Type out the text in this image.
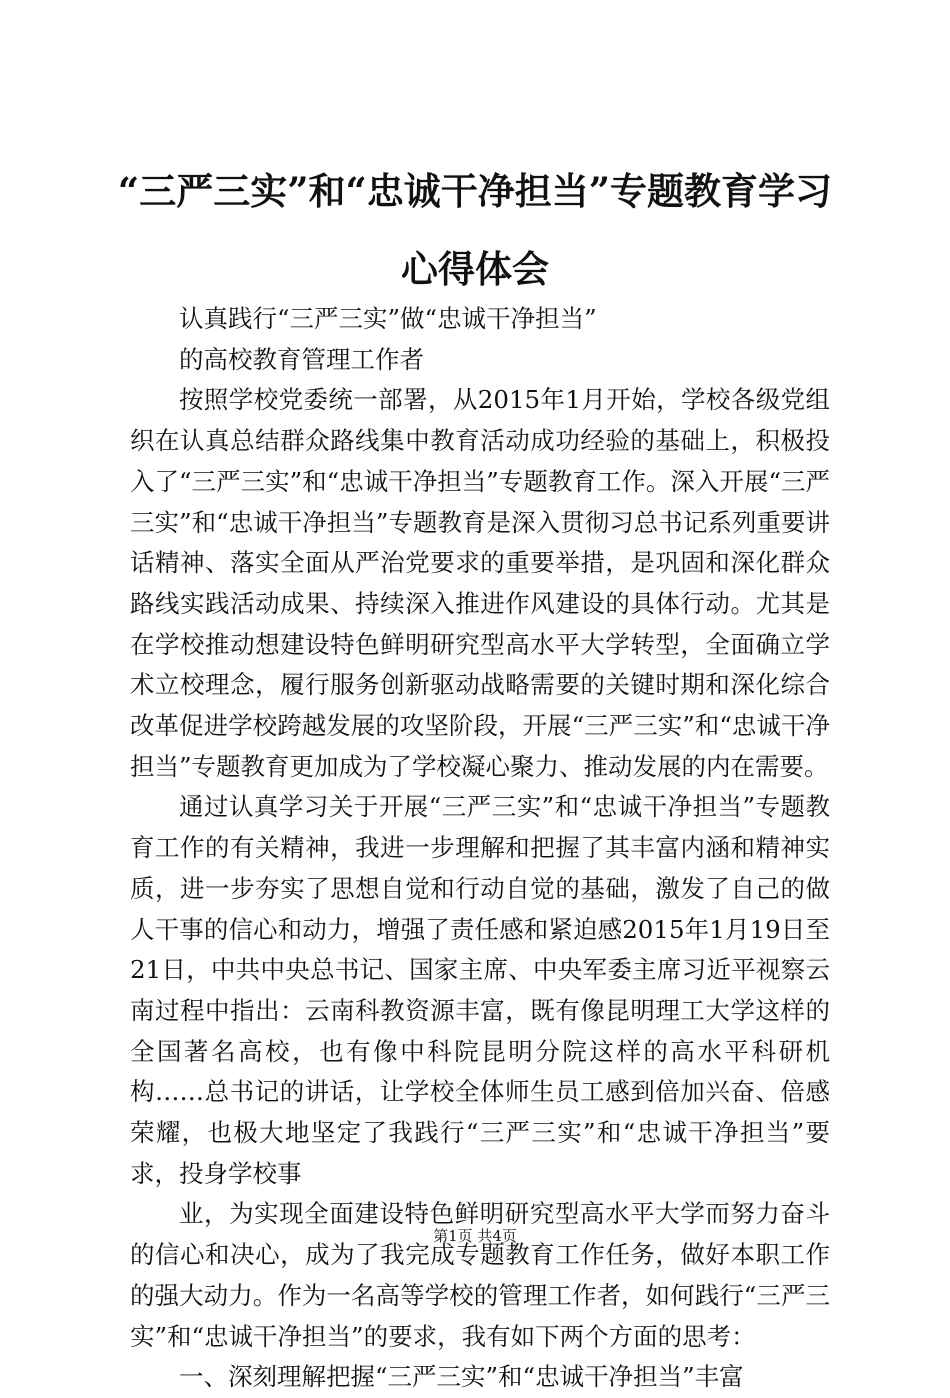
“三严三实”和“忠诚干净担当”专题教育学习心得体会

认真践行“三严三实”做“忠诚干净担当”

的高校教育管理工作者

按照学校党委统一部署，从2015年1月开始，学校各级党组织在认真总结群众路线集中教育活动成功经验的基础上，积极投入了“三严三实”和“忠诚干净担当”专题教育工作。深入开展“三严三实”和“忠诚干净担当”专题教育是深入贯彻习总书记系列重要讲话精神、落实全面从严治党要求的重要举措，是巩固和深化群众路线实践活动成果、持续深入推进作风建设的具体行动。尤其是在学校推动想建设特色鲜明研究型高水平大学转型，全面确立学术立校理念，履行服务创新驱动战略需要的关键时期和深化综合改革促进学校跨越发展的攻坚阶段，开展“三严三实”和“忠诚干净担当”专题教育更加成为了学校凝心聚力、推动发展的内在需要。

通过认真学习关于开展“三严三实”和“忠诚干净担当”专题教育工作的有关精神，我进一步理解和把握了其丰富内涵和精神实质，进一步夯实了思想自觉和行动自觉的基础，激发了自己的做人干事的信心和动力，增强了责任感和紧迫感2015年1月19日至21日，中共中央总书记、国家主席、中央军委主席习近平视察云南过程中指出：云南科教资源丰富，既有像昆明理工大学这样的全国著名高校，也有像中科院昆明分院这样的高水平科研机构……总书记的讲话，让学校全体师生员工感到倍加兴奋、倍感荣耀，也极大地坚定了我践行“三严三实”和“忠诚干净担当”要求，投身学校事

业，为实现全面建设特色鲜明研究型高水平大学而努力奋斗的信心和决心，成为了我完成专题教育工作任务，做好本职工作的强大动力。作为一名高等学校的管理工作者，如何践行“三严三实”和“忠诚干净担当”的要求，我有如下两个方面的思考：

一、深刻理解把握“三严三实”和“忠诚干净担当”丰富

第1页 共4页
